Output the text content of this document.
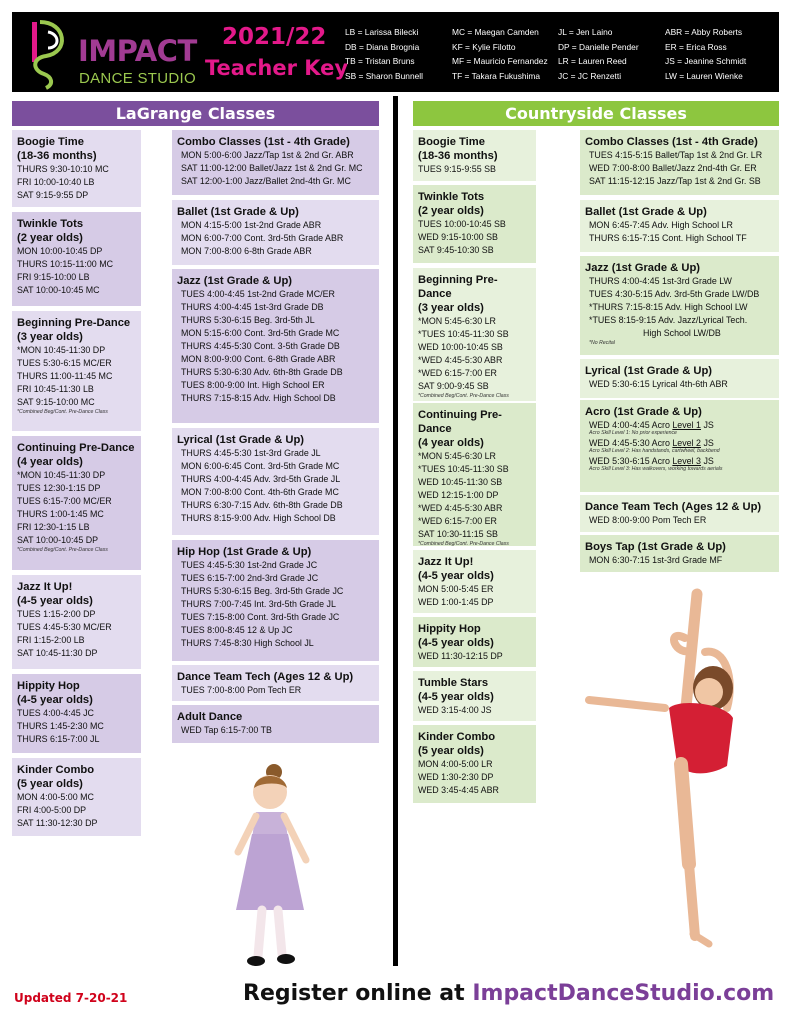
IMPACT
DANCE STUDIO
2021/22
Teacher Key
LB = Larissa Bilecki
DB = Diana Brognia
TB = Tristan Bruns
SB = Sharon Bunnell
MC = Maegan Camden
KF = Kylie Filotto
MF = Mauricio Fernandez
TF = Takara Fukushima
JL = Jen Laino
DP = Danielle Pender
LR = Lauren Reed
JC = JC Renzetti
ABR = Abby Roberts
ER = Erica Ross
JS = Jeanine Schmidt
LW = Lauren Wienke
LaGrange Classes	Countryside Classes
Boogie Time
(18-36 months)
THURS 9:30-10:10 MC
FRI 10:00-10:40 LB
SAT 9:15-9:55 DP
Twinkle Tots
(2 year olds)
MON 10:00-10:45 DP
THURS 10:15-11:00 MC
FRI 9:15-10:00 LB
SAT 10:00-10:45 MC
Beginning Pre-Dance
(3 year olds)
*MON 10:45-11:30 DP
TUES 5:30-6:15 MC/ER
THURS 11:00-11:45 MC
FRI 10:45-11:30 LB
SAT 9:15-10:00 MC
*Combined Beg/Cont. Pre-Dance Class
Continuing Pre-Dance
(4 year olds)
*MON 10:45-11:30 DP
TUES 12:30-1:15 DP
TUES 6:15-7:00 MC/ER
THURS 1:00-1:45 MC
FRI 12:30-1:15 LB
SAT 10:00-10:45 DP
*Combined Beg/Cont. Pre-Dance Class
Jazz It Up!
(4-5 year olds)
TUES 1:15-2:00 DP
TUES 4:45-5:30 MC/ER
FRI 1:15-2:00 LB
SAT 10:45-11:30 DP
Hippity Hop
(4-5 year olds)
TUES 4:00-4:45 JC
THURS 1:45-2:30 MC
THURS 6:15-7:00 JL
Kinder Combo
(5 year olds)
MON 4:00-5:00 MC
FRI 4:00-5:00 DP
SAT 11:30-12:30 DP
Combo Classes (1st - 4th Grade)
MON 5:00-6:00 Jazz/Tap 1st & 2nd Gr. ABR
SAT 11:00-12:00 Ballet/Jazz 1st & 2nd Gr. MC
SAT 12:00-1:00 Jazz/Ballet 2nd-4th Gr. MC
Ballet (1st Grade & Up)
MON 4:15-5:00 1st-2nd Grade ABR
MON 6:00-7:00 Cont. 3rd-5th Grade ABR
MON 7:00-8:00 6-8th Grade ABR
Jazz (1st Grade & Up)
TUES 4:00-4:45 1st-2nd Grade MC/ER
THURS 4:00-4:45 1st-3rd Grade DB
THURS 5:30-6:15 Beg. 3rd-5th JL
MON 5:15-6:00 Cont. 3rd-5th Grade MC
THURS 4:45-5:30 Cont. 3-5th Grade DB
MON 8:00-9:00 Cont. 6-8th Grade ABR
THURS 5:30-6:30 Adv. 6th-8th Grade DB
TUES 8:00-9:00 Int. High School ER
THURS 7:15-8:15 Adv. High School DB
Lyrical (1st Grade & Up)
THURS 4:45-5:30 1st-3rd Grade JL
MON 6:00-6:45 Cont. 3rd-5th Grade MC
THURS 4:00-4:45 Adv. 3rd-5th Grade JL
MON 7:00-8:00 Cont. 4th-6th Grade MC
THURS 6:30-7:15 Adv. 6th-8th Grade DB
THURS 8:15-9:00 Adv. High School DB
Hip Hop (1st Grade & Up)
TUES 4:45-5:30 1st-2nd Grade JC
TUES 6:15-7:00 2nd-3rd Grade JC
THURS 5:30-6:15 Beg. 3rd-5th Grade JC
THURS 7:00-7:45 Int. 3rd-5th Grade JL
TUES 7:15-8:00 Cont. 3rd-5th Grade JC
TUES 8:00-8:45 12 & Up JC
THURS 7:45-8:30 High School JL
Dance Team Tech (Ages 12 & Up)
TUES 7:00-8:00 Pom Tech ER
Adult Dance
WED Tap 6:15-7:00 TB
Boogie Time
(18-36 months)
TUES 9:15-9:55 SB
Twinkle Tots
(2 year olds)
TUES 10:00-10:45 SB
WED 9:15-10:00 SB
SAT 9:45-10:30 SB
Beginning Pre-Dance
(3 year olds)
*MON 5:45-6:30 LR
*TUES 10:45-11:30 SB
WED 10:00-10:45 SB
*WED 4:45-5:30 ABR
*WED 6:15-7:00 ER
SAT 9:00-9:45 SB
*Combined Beg/Cont. Pre-Dance Class
Continuing Pre-Dance
(4 year olds)
*MON 5:45-6:30 LR
*TUES 10:45-11:30 SB
WED 10:45-11:30 SB
WED 12:15-1:00 DP
*WED 4:45-5:30 ABR
*WED 6:15-7:00 ER
SAT 10:30-11:15 SB
*Combined Beg/Cont. Pre-Dance Class
Jazz It Up!
(4-5 year olds)
MON 5:00-5:45 ER
WED 1:00-1:45 DP
Hippity Hop
(4-5 year olds)
WED 11:30-12:15 DP
Tumble Stars
(4-5 year olds)
WED 3:15-4:00 JS
Kinder Combo
(5 year olds)
MON 4:00-5:00 LR
WED 1:30-2:30 DP
WED 3:45-4:45 ABR
Combo Classes (1st - 4th Grade)
TUES 4:15-5:15 Ballet/Tap 1st & 2nd Gr. LR
WED 7:00-8:00 Ballet/Jazz 2nd-4th Gr. ER
SAT 11:15-12:15 Jazz/Tap 1st & 2nd Gr. SB
Ballet (1st Grade & Up)
MON 6:45-7:45 Adv. High School LR
THURS 6:15-7:15 Cont. High School TF
Jazz (1st Grade & Up)
THURS 4:00-4:45 1st-3rd Grade LW
TUES 4:30-5:15 Adv. 3rd-5th Grade LW/DB
*THURS 7:15-8:15 Adv. High School LW
*TUES 8:15-9:15 Adv. Jazz/Lyrical Tech.
High School LW/DB
*No Recital
Lyrical (1st Grade & Up)
WED 5:30-6:15 Lyrical 4th-6th ABR
Acro (1st Grade & Up)
WED 4:00-4:45 Acro Level 1 JS
Acro Skill Level 1: No prior experience
WED 4:45-5:30 Acro Level 2 JS
Acro Skill Level 2: Has handstands, cartwheel, backbend
WED 5:30-6:15 Acro Level 3 JS
Acro Skill Level 3: Has walkovers, working towards aerials
Dance Team Tech (Ages 12 & Up)
WED 8:00-9:00 Pom Tech ER
Boys Tap (1st Grade & Up)
MON 6:30-7:15 1st-3rd Grade MF
Updated 7-20-21	Register online at ImpactDanceStudio.com
